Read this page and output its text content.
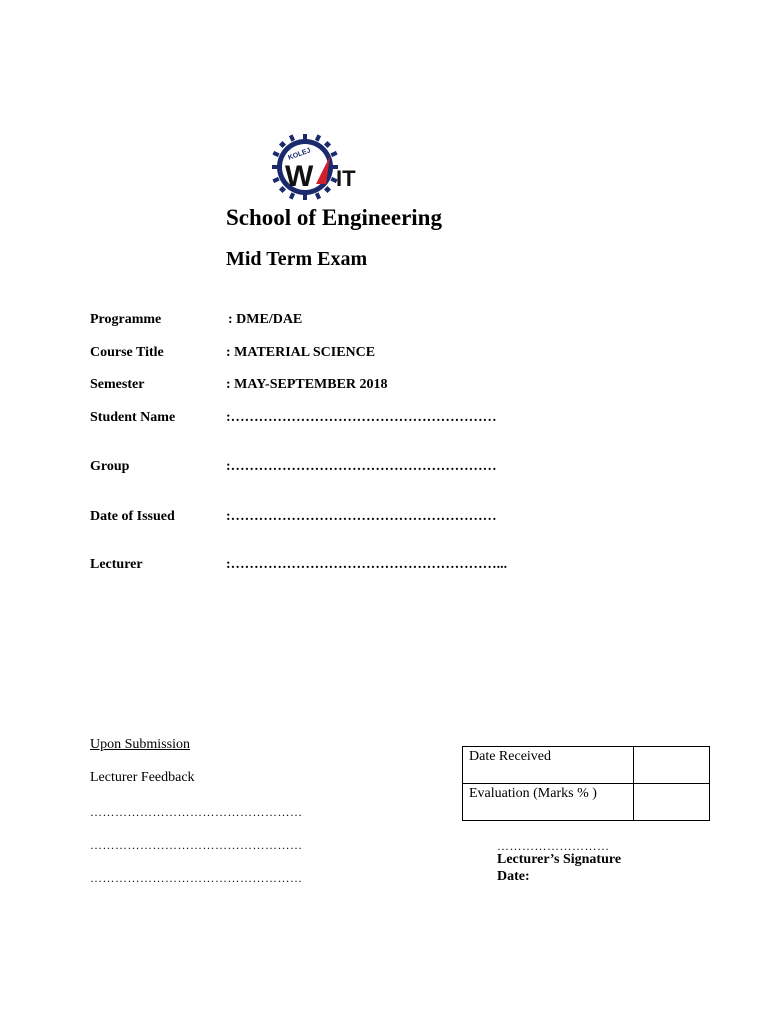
KOLEJ
W IT
School of Engineering
Mid Term Exam
Programme	: DME/DAE
Course Title	: MATERIAL SCIENCE
Semester	: MAY-SEPTEMBER 2018
Student Name	:…………………………………………………
Group	:…………………………………………………
Date of Issued	:…………………………………………………
Lecturer	:…………………………………………………...
Upon Submission
Lecturer Feedback
……………………………………………
……………………………………………
……………………………………………
Date Received	
Evaluation (Marks % )	
………………………
Lecturer’s Signature
Date:
